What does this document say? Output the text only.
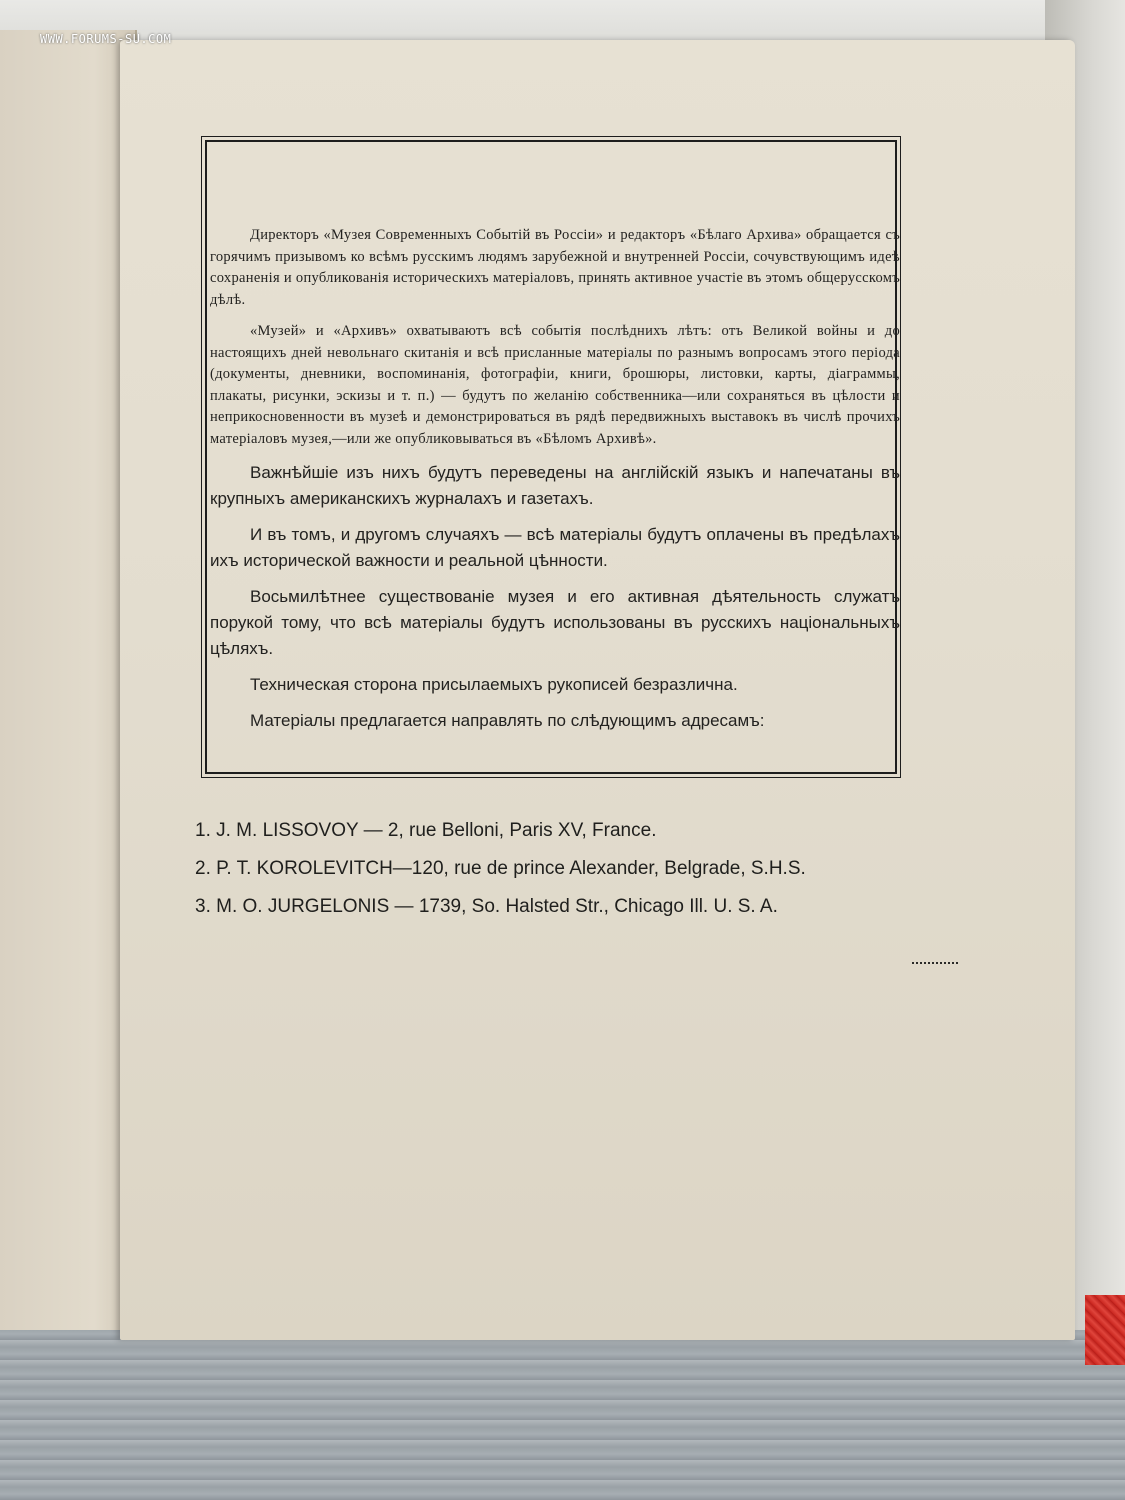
WWW.FORUMS-SU.COM

Директоръ «Музея Современныхъ Событій въ Россіи» и редакторъ «Бѣлаго Архива» обращается съ горячимъ призывомъ ко всѣмъ русскимъ людямъ зарубежной и внутренней Россіи, сочувствующимъ идеѣ сохраненія и опубликованія историческихъ матеріаловъ, принять активное участіе въ этомъ общерусскомъ дѣлѣ.

«Музей» и «Архивъ» охватываютъ всѣ событія послѣднихъ лѣтъ: отъ Великой войны и до настоящихъ дней невольнаго скитанія и всѣ присланные матеріалы по разнымъ вопросамъ этого періода (документы, дневники, воспоминанія, фотографіи, книги, брошюры, листовки, карты, діаграммы, плакаты, рисунки, эскизы и т. п.) — будутъ по желанію собственника—или сохраняться въ цѣлости и неприкосновенности въ музеѣ и демонстрироваться въ рядѣ передвижныхъ выставокъ въ числѣ прочихъ матеріаловъ музея,—или же опубликовываться въ «Бѣломъ Архивѣ».

Важнѣйшіе изъ нихъ будутъ переведены на англійскій языкъ и напечатаны въ крупныхъ американскихъ журналахъ и газетахъ.

И въ томъ, и другомъ случаяхъ — всѣ матеріалы будутъ оплачены въ предѣлахъ ихъ исторической важности и реальной цѣнности.

Восьмилѣтнее существованіе музея и его активная дѣятельность служатъ порукой тому, что всѣ матеріалы будутъ использованы въ русскихъ національныхъ цѣляхъ.

Техническая сторона присылаемыхъ рукописей безразлична.

Матеріалы предлагается направлять по слѣдующимъ адресамъ:

1. J. M. LISSOVOY — 2, rue Belloni, Paris XV, France.

2. P. T. KOROLEVITCH—120, rue de prince Alexander, Belgrade, S.H.S.

3. M. O. JURGELONIS — 1739, So. Halsted Str., Chicago Ill. U. S. A.
